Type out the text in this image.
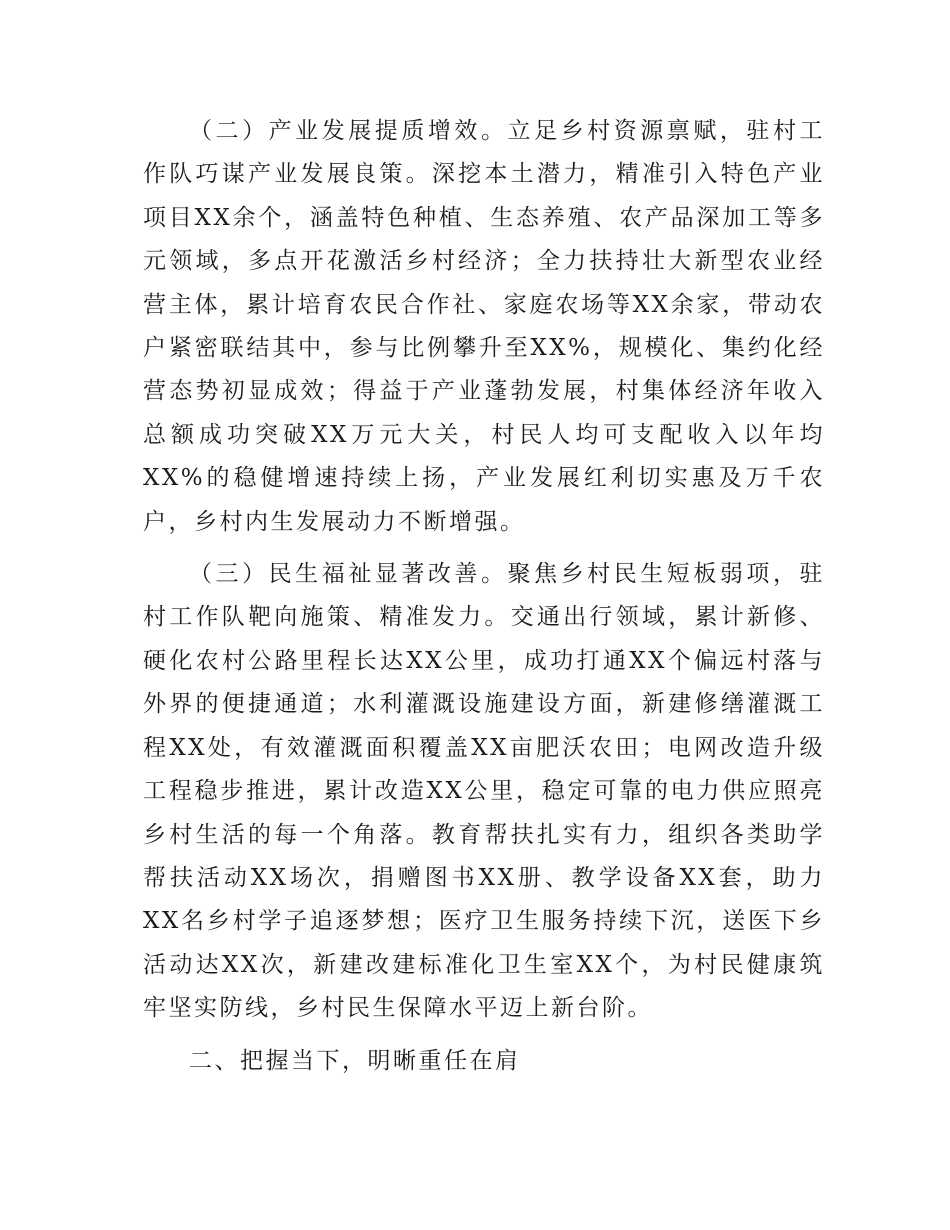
（二）产业发展提质增效。立足乡村资源禀赋，驻村工作队巧谋产业发展良策。深挖本土潜力，精准引入特色产业项目XX余个，涵盖特色种植、生态养殖、农产品深加工等多元领域，多点开花激活乡村经济；全力扶持壮大新型农业经营主体，累计培育农民合作社、家庭农场等XX余家，带动农户紧密联结其中，参与比例攀升至XX%，规模化、集约化经营态势初显成效；得益于产业蓬勃发展，村集体经济年收入总额成功突破XX万元大关，村民人均可支配收入以年均XX%的稳健增速持续上扬，产业发展红利切实惠及万千农户，乡村内生发展动力不断增强。

（三）民生福祉显著改善。聚焦乡村民生短板弱项，驻村工作队靶向施策、精准发力。交通出行领域，累计新修、硬化农村公路里程长达XX公里，成功打通XX个偏远村落与外界的便捷通道；水利灌溉设施建设方面，新建修缮灌溉工程XX处，有效灌溉面积覆盖XX亩肥沃农田；电网改造升级工程稳步推进，累计改造XX公里，稳定可靠的电力供应照亮乡村生活的每一个角落。教育帮扶扎实有力，组织各类助学帮扶活动XX场次，捐赠图书XX册、教学设备XX套，助力XX名乡村学子追逐梦想；医疗卫生服务持续下沉，送医下乡活动达XX次，新建改建标准化卫生室XX个，为村民健康筑牢坚实防线，乡村民生保障水平迈上新台阶。

二、把握当下，明晰重任在肩
